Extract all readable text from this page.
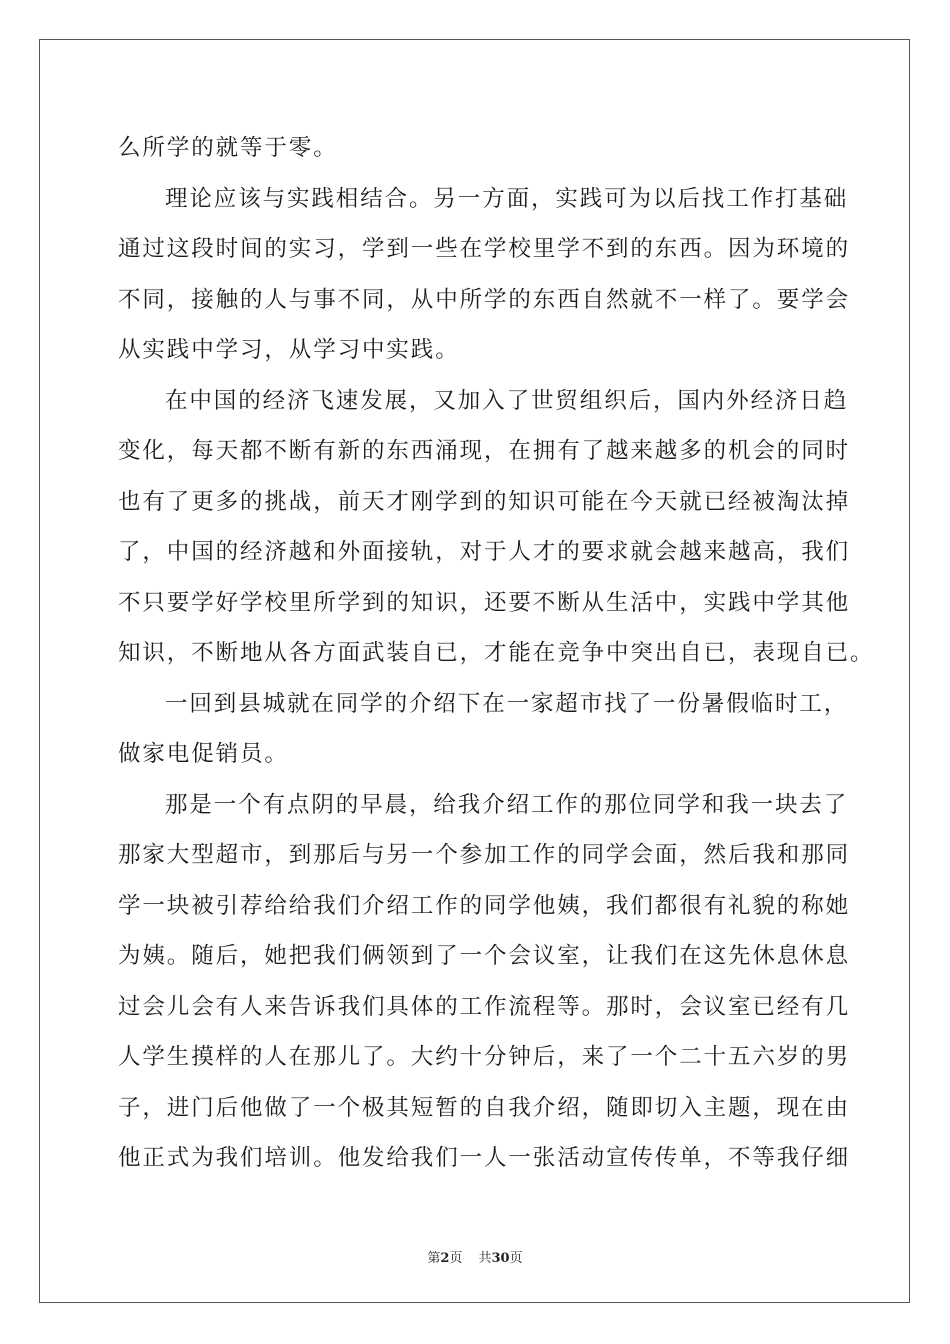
么所学的就等于零。
理论应该与实践相结合。另一方面，实践可为以后找工作打基础
通过这段时间的实习，学到一些在学校里学不到的东西。因为环境的
不同，接触的人与事不同，从中所学的东西自然就不一样了。要学会
从实践中学习，从学习中实践。
在中国的经济飞速发展，又加入了世贸组织后，国内外经济日趋
变化，每天都不断有新的东西涌现，在拥有了越来越多的机会的同时
也有了更多的挑战，前天才刚学到的知识可能在今天就已经被淘汰掉
了，中国的经济越和外面接轨，对于人才的要求就会越来越高，我们
不只要学好学校里所学到的知识，还要不断从生活中，实践中学其他
知识，不断地从各方面武装自已，才能在竞争中突出自已，表现自已。
一回到县城就在同学的介绍下在一家超市找了一份暑假临时工，
做家电促销员。
那是一个有点阴的早晨，给我介绍工作的那位同学和我一块去了
那家大型超市，到那后与另一个参加工作的同学会面，然后我和那同
学一块被引荐给给我们介绍工作的同学他姨，我们都很有礼貌的称她
为姨。随后，她把我们俩领到了一个会议室，让我们在这先休息休息
过会儿会有人来告诉我们具体的工作流程等。那时，会议室已经有几
人学生摸样的人在那儿了。大约十分钟后，来了一个二十五六岁的男
子，进门后他做了一个极其短暂的自我介绍，随即切入主题，现在由
他正式为我们培训。他发给我们一人一张活动宣传传单，不等我仔细
第2页 共30页
